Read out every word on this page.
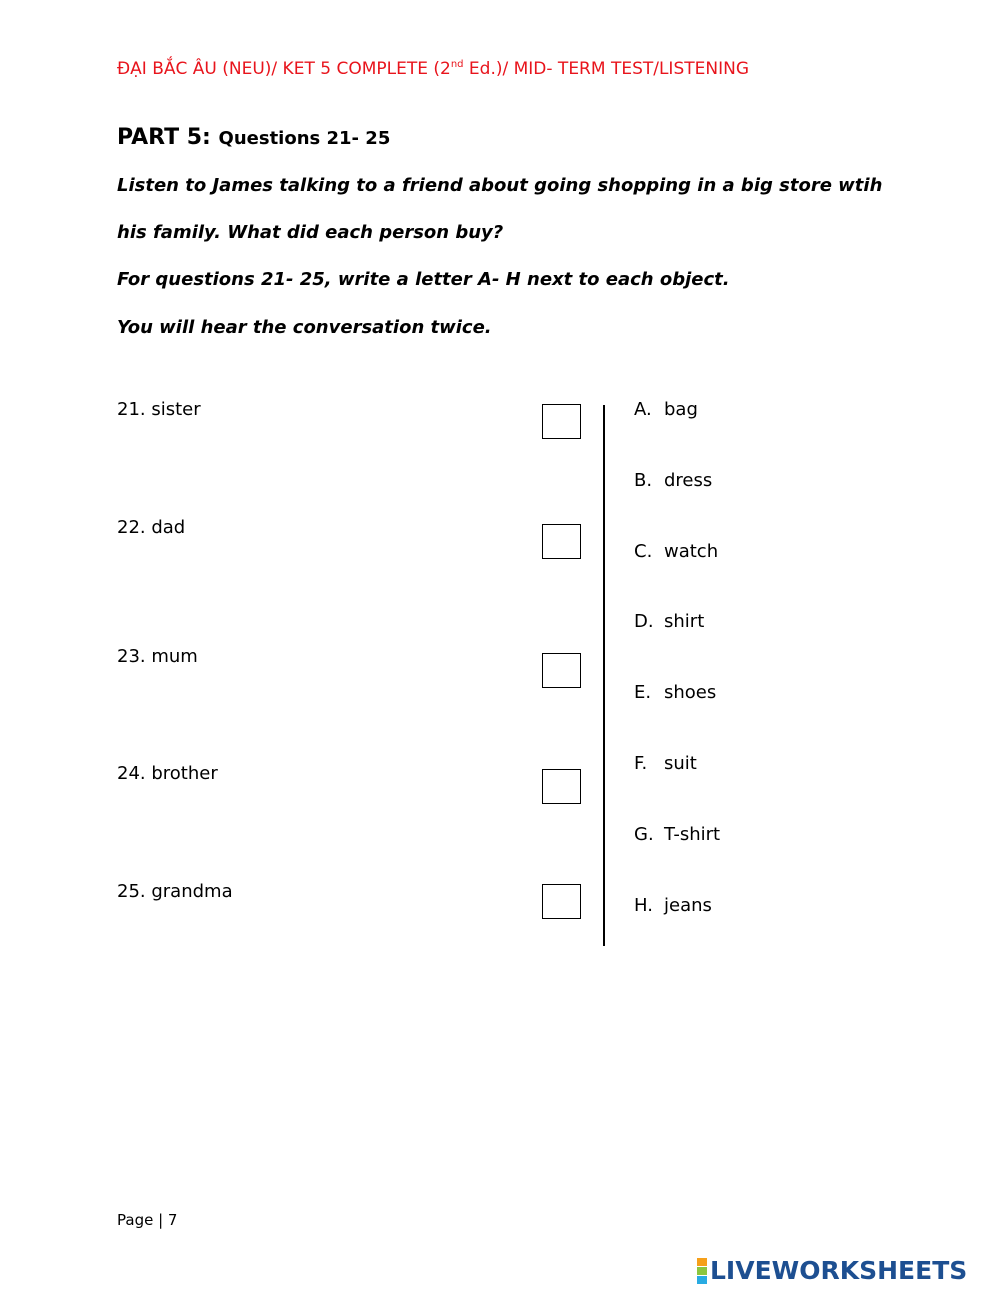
ĐẠI BẮC ÂU (NEU)/ KET 5 COMPLETE (2nd Ed.)/ MID- TERM TEST/LISTENING
PART 5: Questions 21- 25
Listen to James talking to a friend about going shopping in a big store wtih
his family. What did each person buy?
For questions 21- 25, write a letter A- H next to each object.
You will hear the conversation twice.
21. sister
22. dad
23. mum
24. brother
25. grandma
A. bag
B. dress
C. watch
D. shirt
E. shoes
F. suit
G. T-shirt
H. jeans
Page | 7
LIVEWORKSHEETS
